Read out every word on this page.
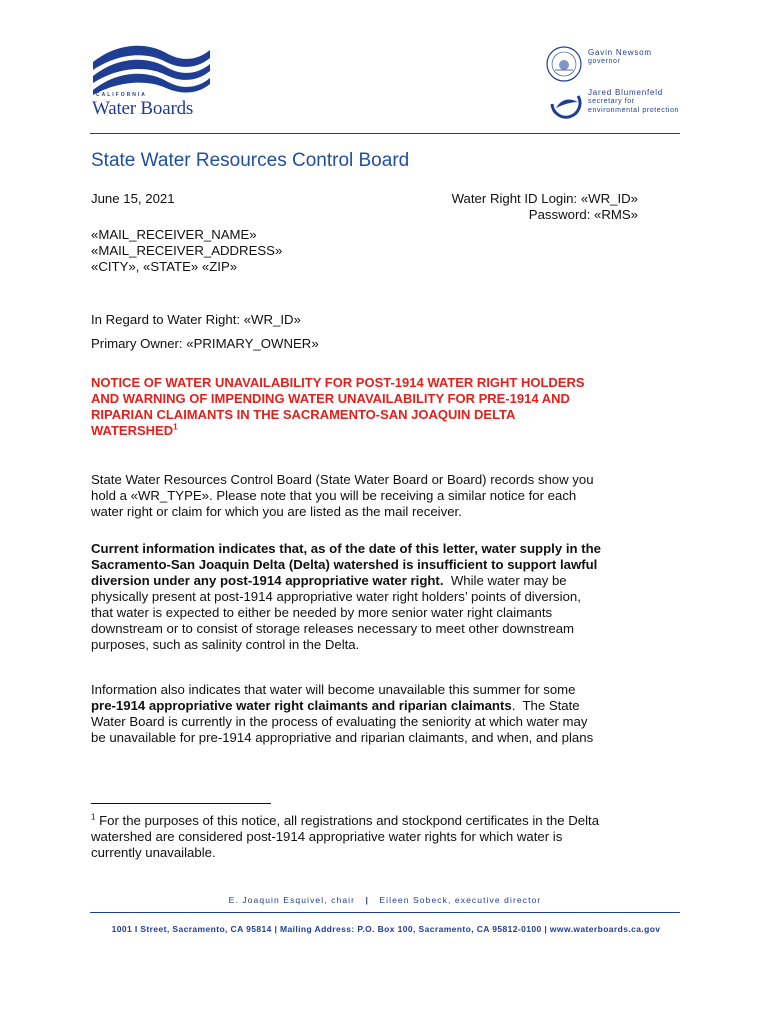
CALIFORNIA
Water Boards
Gavin Newsom
governor
Jared Blumenfeld
secretary for
environmental protection
State Water Resources Control Board
June 15, 2021	Water Right ID Login: «WR_ID»
Password: «RMS»
«MAIL_RECEIVER_NAME»
«MAIL_RECEIVER_ADDRESS»
«CITY», «STATE» «ZIP»
In Regard to Water Right: «WR_ID»
Primary Owner: «PRIMARY_OWNER»
NOTICE OF WATER UNAVAILABILITY FOR POST-1914 WATER RIGHT HOLDERS
AND WARNING OF IMPENDING WATER UNAVAILABILITY FOR PRE-1914 AND
RIPARIAN CLAIMANTS IN THE SACRAMENTO-SAN JOAQUIN DELTA
WATERSHED$^1$
State Water Resources Control Board (State Water Board or Board) records show you
hold a «WR_TYPE». Please note that you will be receiving a similar notice for each
water right or claim for which you are listed as the mail receiver.
Current information indicates that, as of the date of this letter, water supply in the
Sacramento-San Joaquin Delta (Delta) watershed is insufficient to support lawful
diversion under any post-1914 appropriative water right.  While water may be
physically present at post-1914 appropriative water right holders’ points of diversion,
that water is expected to either be needed by more senior water right claimants
downstream or to consist of storage releases necessary to meet other downstream
purposes, such as salinity control in the Delta.
Information also indicates that water will become unavailable this summer for some
pre-1914 appropriative water right claimants and riparian claimants.  The State
Water Board is currently in the process of evaluating the seniority at which water may
be unavailable for pre-1914 appropriative and riparian claimants, and when, and plans
$^1$ For the purposes of this notice, all registrations and stockpond certificates in the Delta
watershed are considered post-1914 appropriative water rights for which water is
currently unavailable.
E. Joaquin Esquivel, chair | Eileen Sobeck, executive director
1001 I Street, Sacramento, CA 95814 | Mailing Address: P.O. Box 100, Sacramento, CA 95812-0100 | www.waterboards.ca.gov
